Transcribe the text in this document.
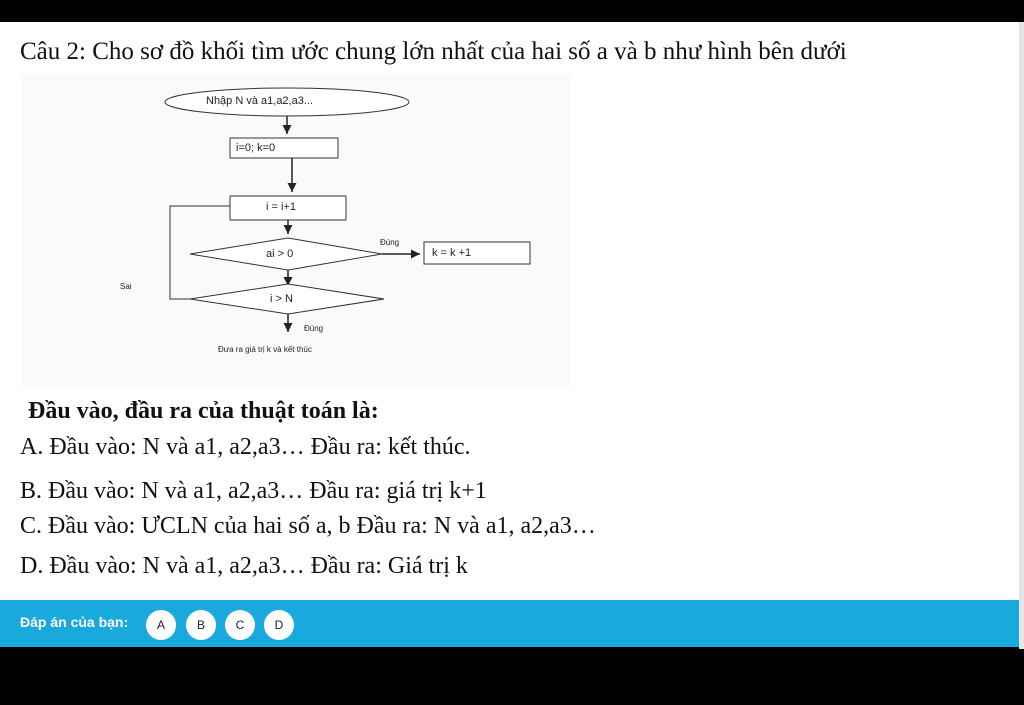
Câu 2: Cho sơ đồ khối tìm ước chung lớn nhất của hai số a và b như hình bên dưới
Nhập N và a1,a2,a3...
i=0; k=0
i = i+1
ai > 0
Đúng
k = k +1
Sai
i > N
Đúng
Đưa ra giá trị k và kết thúc
Đầu vào, đầu ra của thuật toán là:
A. Đầu vào: N và a1, a2,a3… Đầu ra: kết thúc.
B. Đầu vào: N và a1, a2,a3… Đầu ra: giá trị k+1
C. Đầu vào: ƯCLN của hai số a, b Đầu ra: N và a1, a2,a3…
D. Đầu vào: N và a1, a2,a3… Đầu ra: Giá trị k
Đáp án của bạn:	A	B	C	D
